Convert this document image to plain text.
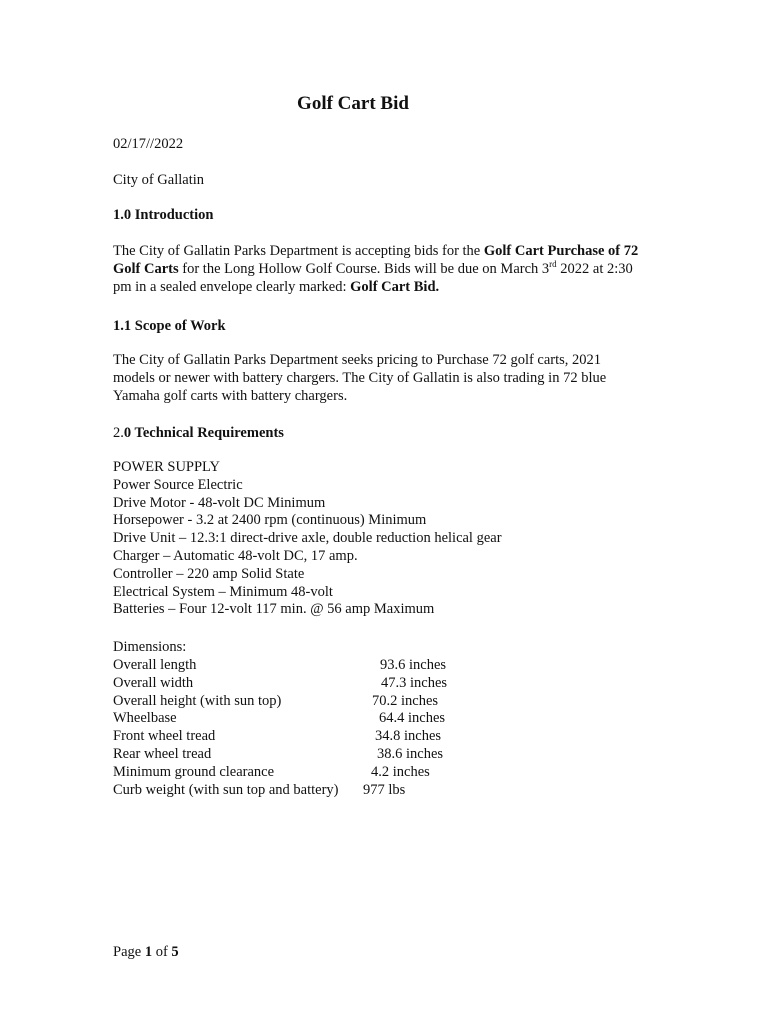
Golf Cart Bid
02/17//2022
City of Gallatin
1.0 Introduction
The City of Gallatin Parks Department is accepting bids for the Golf Cart Purchase of 72 Golf Carts for the Long Hollow Golf Course. Bids will be due on March 3rd 2022 at 2:30 pm in a sealed envelope clearly marked: Golf Cart Bid.
1.1 Scope of Work
The City of Gallatin Parks Department seeks pricing to Purchase 72 golf carts, 2021 models or newer with battery chargers. The City of Gallatin is also trading in 72 blue Yamaha golf carts with battery chargers.
2.0 Technical Requirements
POWER SUPPLY
Power Source Electric
Drive Motor - 48-volt DC Minimum
Horsepower - 3.2 at 2400 rpm (continuous) Minimum
Drive Unit – 12.3:1 direct-drive axle, double reduction helical gear
Charger – Automatic 48-volt DC, 17 amp.
Controller – 220 amp Solid State
Electrical System – Minimum 48-volt
Batteries – Four 12-volt 117 min. @ 56 amp Maximum
Dimensions:
Overall length	93.6 inches
Overall width	47.3 inches
Overall height (with sun top)	70.2 inches
Wheelbase	64.4 inches
Front wheel tread	34.8 inches
Rear wheel tread	38.6 inches
Minimum ground clearance	4.2 inches
Curb weight (with sun top and battery) 977 lbs
Page 1 of 5
